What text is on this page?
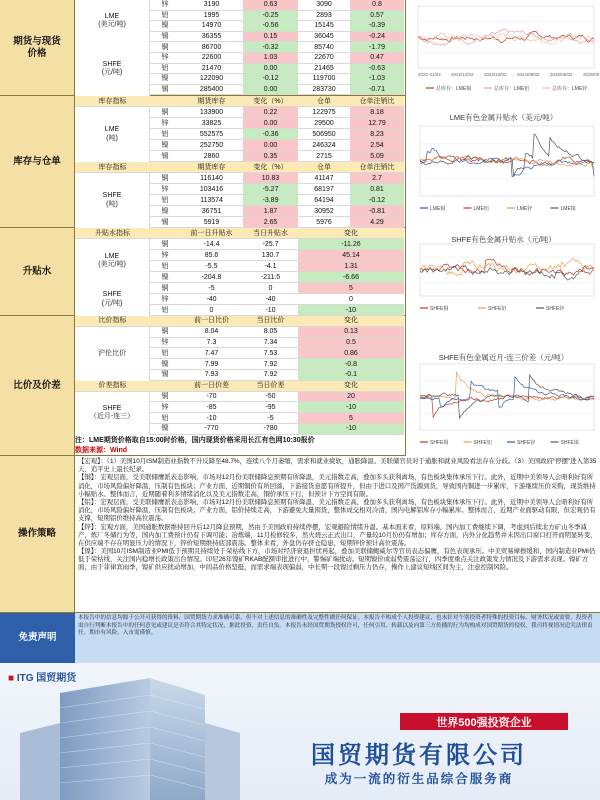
期货与现货
价格
LME
(美元/吨)
SHFE
(元/吨)
锌	3190	0.63	3090	0.8
铝	1995	-0.25	2893	0.57
镍	14970	-0.56	15145	-0.39
锡	36355	0.15	36045	-0.24
铜	86700	-0.32	85740	-1.79
锌	22600	1.03	22670	0.47
铝	21470	0.00	21465	-0.63
镍	122090	-0.12	119700	-1.03
锡	285400	0.00	283730	-0.71
库存与仓单
库存指标	期货库存	变化（%）	仓单	仓单注销比
LME
(吨)
铜	133900	0.22	122975	8.18
锌	33825	0.00	29500	12.79
铝	552575	-0.36	506950	8.23
镍	252750	0.00	246324	2.54
锡	2860	0.35	2715	5.09
库存指标	期货库存	变化（%）	仓单	仓单注销比
SHFE
(吨)
铜	116140	10.83	41147	2.7
锌	103416	-5.27	68197	0.81
铝	113574	-3.89	64194	-0.12
镍	36751	1.87	30952	-0.81
锡	5919	2.65	5976	4.29
升贴水
升贴水指标	前一日升贴水	当日升贴水	变化
LME
(美元/吨)
铜	-14.4	-25.7	-11.26
锌	85.6	130.7	45.14
铝	-5.5	-4.1	1.31
镍	-204.8	-211.5	-6.66
SHFE
(元/吨)
铜	-5	0	5
锌	-40	-40	0
铝	0	-10	-10
比价及价差
比价指标	前一日比价	当日比价	变化
沪伦比价
铜	8.04	8.05	0.13
锌	7.3	7.34	0.5
铝	7.47	7.53	0.86
镍	7.99	7.92	-0.8
锡	7.93	7.92	-0.1
价差指标	前一日价差	当日价差	变化
SHFE
（近月-连三）
铜	-70	-50	20
锌	-85	-95	-10
铝	-10	-5	5
镍	-770	-780	-10
注：LME期货价格取自15:00时价格，国内现货价格采用长江有色网10:30报价
数据来源：Wind
操作策略

【宏观】：（1）美国10月ISM制造业指数不升反降至48.7%，连续八个月萎缩，需求和就业疲软，通胀降温。美联储官员对于通胀和就业风险看法存在分歧。（3）美国政府“停摆”进入第35天，追平史上最长纪录。

【铜】：宏观层面，受美联储鹰派表态影响，市场对12月份美联储降息预期有所降温，美元指数走高，叠加多头获利离场，有色板块集体承压下行。此外，近期中美领导人会晤利好有所消化，市场风险偏好降温，压制有色板块；产业方面，近期铜价有所回落，下游接货意愿有所提升，但由于进口及国产货源到货，导致国内铜进一步累库，下游继续压价采购，现货维持小幅贴水。整体而言，近期随着利多情绪消化以及美元指数走高，铜价承压下行，但预计下方空间有限。

【铝】：宏观层面，受美联储鹰派表态影响，市场对12月份美联储降息预期有所降温，美元指数走高，叠加多头获利离场，有色板块集体承压下行。此外，近期中美领导人会晤利好有所消化，市场风险偏好降温，压制有色板块；产业方面，铝价持续走高，下游避免大量囤货，整体成交相对冷清，国内电解铝库存小幅累库。整体而言，近期产业面驱动有限，但宏观仍有支撑，短期铝价维持高位震荡。

【锌】：宏观方面，美国通胀数据维持回升后12月降息预期，然由于美国政府持续停摆，宏观避险情绪升温。基本面来看，原料端，国内加工费继续下调，考虑到后续北方矿山冬季减产，炼厂冬储行为等，国内加工费预计仍有下调可能；冶炼端，11月检修较多，然火烧云正式出口，产量较10月份仍有增加；库存方面，内外分化趋势并未因出口窗口打开而明显转变，在供应端不存在明显压力的情况下，锌价短期维持底部震荡。整体来看，外盘仍存挤仓隐患，短期锌价预计高位震荡。

【镍】：美国10月ISM制造业PMI低于预期且持续处于荣枯线下方，市场对经济衰退担忧再起，叠加美联储鲍威尔等官员表态偏鹰，有色表现承压。中美贸易摩擦缓和，国内制造业PMI仍低于荣枯线，关注国内稳增长政策出台情况。印尼26年镍矿RKAB配额审批进行中，警惕矿端扰动。短期镍价或弱势震荡运行，四季度重点关注政策发力情况及下游需求表现。镍矿方面，由于菲律宾雨季，镍矿供应扰动增加，中间品价格坚挺，而需求端表现偏弱，中长期一段镍过剩压力仍存，操作上建议短线区间为主，注意控制风险。

免责声明
本报告中的信息均源于公开可获得的资料，国贸期货力求准确可靠，但不对上述信息的准确性及完整性做任何保证。本报告不构成个人投资建议，也未针对个别投资者特殊的投资目标、财务状况或需要，投资者需自行判断本报告中的任何意见或建议是否符合其特定状况，据此投资，责任自负。本报告未经国贸期货授权许可，任何引用、转载以及向第三方传播的行为均构成对国贸期货的侵权，我司将视情况追究法律责任。期市有风险，入市需谨慎。
总库存：LME铜	总库存：LME铝	总库存：LME锌
2022-01/02 2022/12/02 2023/10/02 2024/08/02 2025/06/02 2025/09
LME有色金属升贴水（美元/吨）
LME铜	LME铝	LME锌	LME镍
SHFE有色金属升贴水（元/吨）
SHFE铜	SHFE铝	SHFE锌
SHFE有色金属近月-连三价差（元/吨）
SHFE铜	SHFE铝	SHFE锌	SHFE镍
■ ITG 国贸期货
世界500强投资企业
国贸期货有限公司
成为一流的衍生品综合服务商
